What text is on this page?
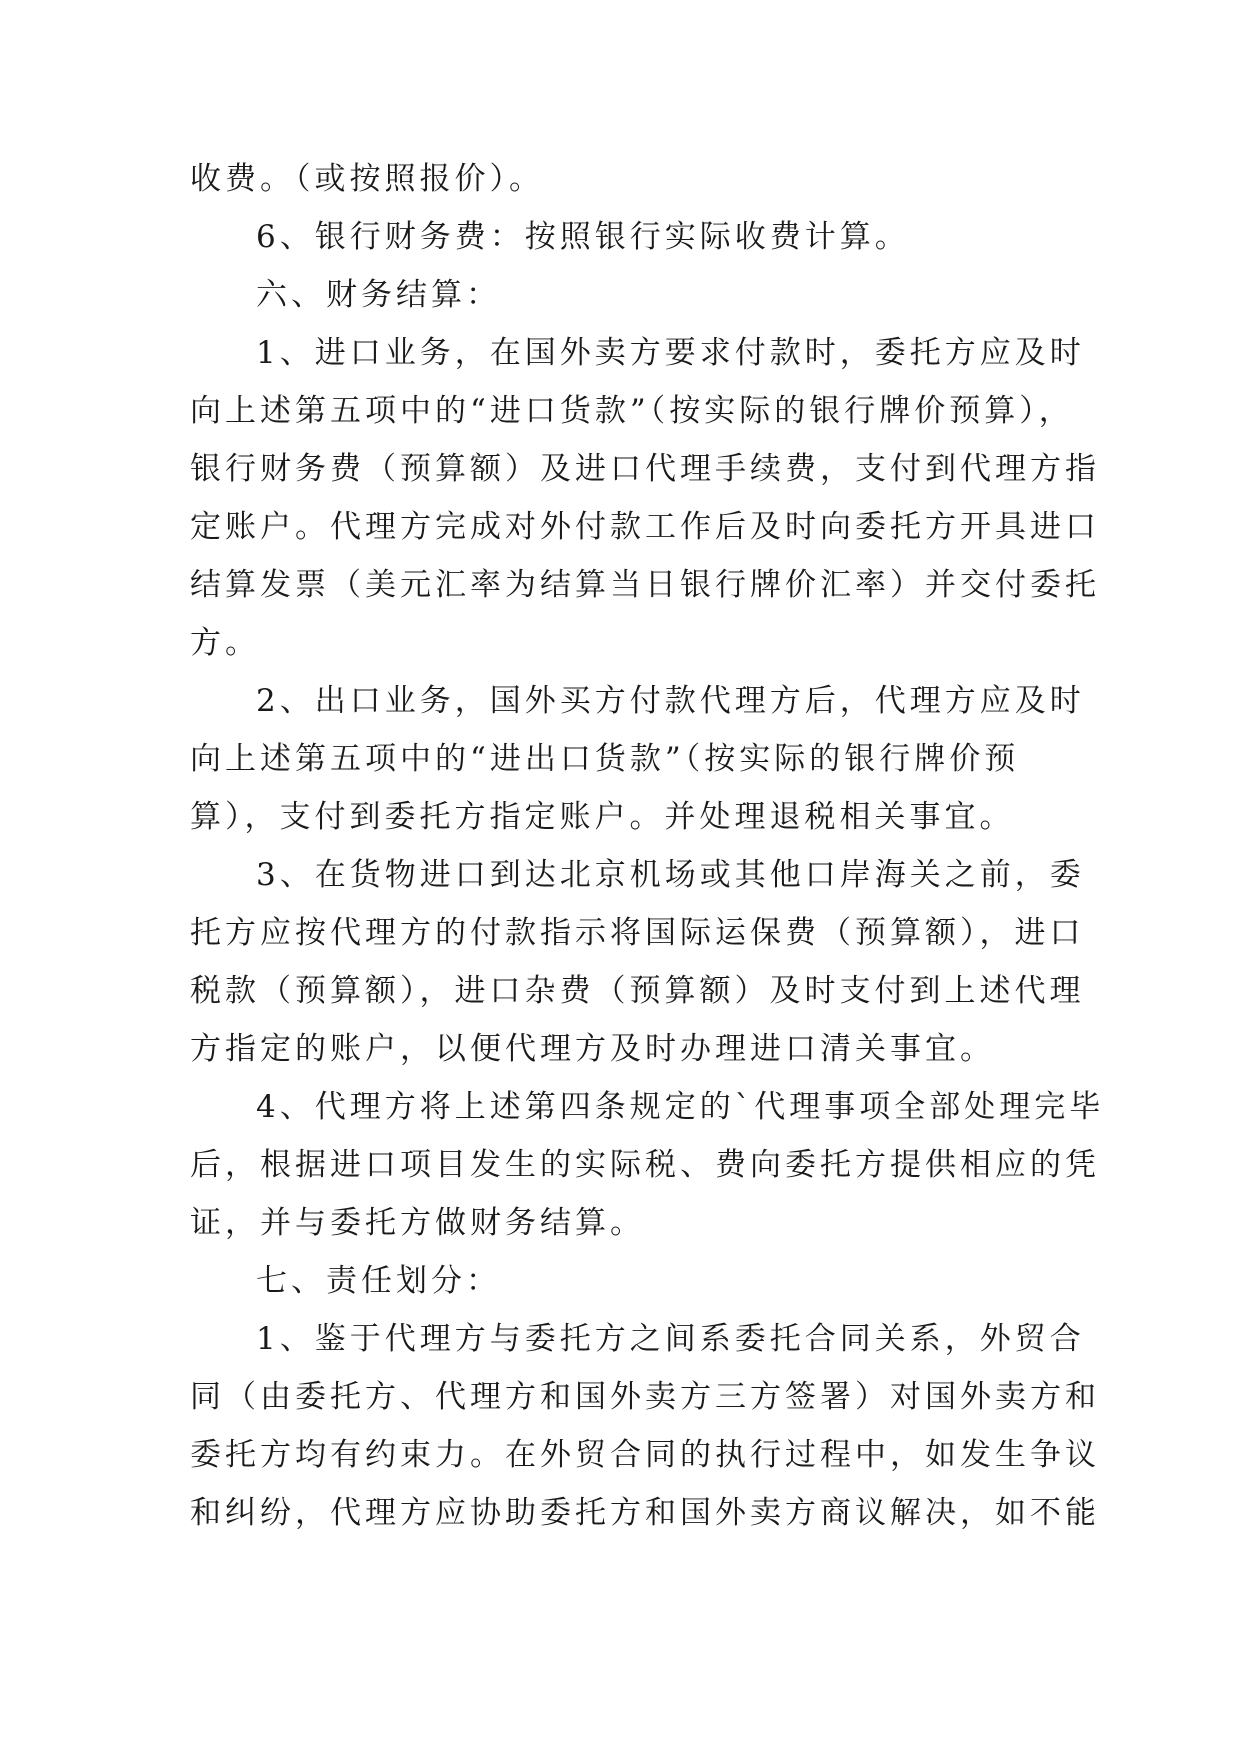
收费。（或按照报价）。
6、银行财务费：按照银行实际收费计算。
六、财务结算：
1、进口业务，在国外卖方要求付款时，委托方应及时
向上述第五项中的“进口货款”（按实际的银行牌价预算），
银行财务费（预算额）及进口代理手续费，支付到代理方指
定账户。代理方完成对外付款工作后及时向委托方开具进口
结算发票（美元汇率为结算当日银行牌价汇率）并交付委托
方。
2、出口业务，国外买方付款代理方后，代理方应及时
向上述第五项中的“进出口货款”（按实际的银行牌价预
算），支付到委托方指定账户。并处理退税相关事宜。
3、在货物进口到达北京机场或其他口岸海关之前，委
托方应按代理方的付款指示将国际运保费（预算额），进口
税款（预算额），进口杂费（预算额）及时支付到上述代理
方指定的账户，以便代理方及时办理进口清关事宜。
4、代理方将上述第四条规定的`代理事项全部处理完毕
后，根据进口项目发生的实际税、费向委托方提供相应的凭
证，并与委托方做财务结算。
七、责任划分：
1、鉴于代理方与委托方之间系委托合同关系，外贸合
同（由委托方、代理方和国外卖方三方签署）对国外卖方和
委托方均有约束力。在外贸合同的执行过程中，如发生争议
和纠纷，代理方应协助委托方和国外卖方商议解决，如不能
